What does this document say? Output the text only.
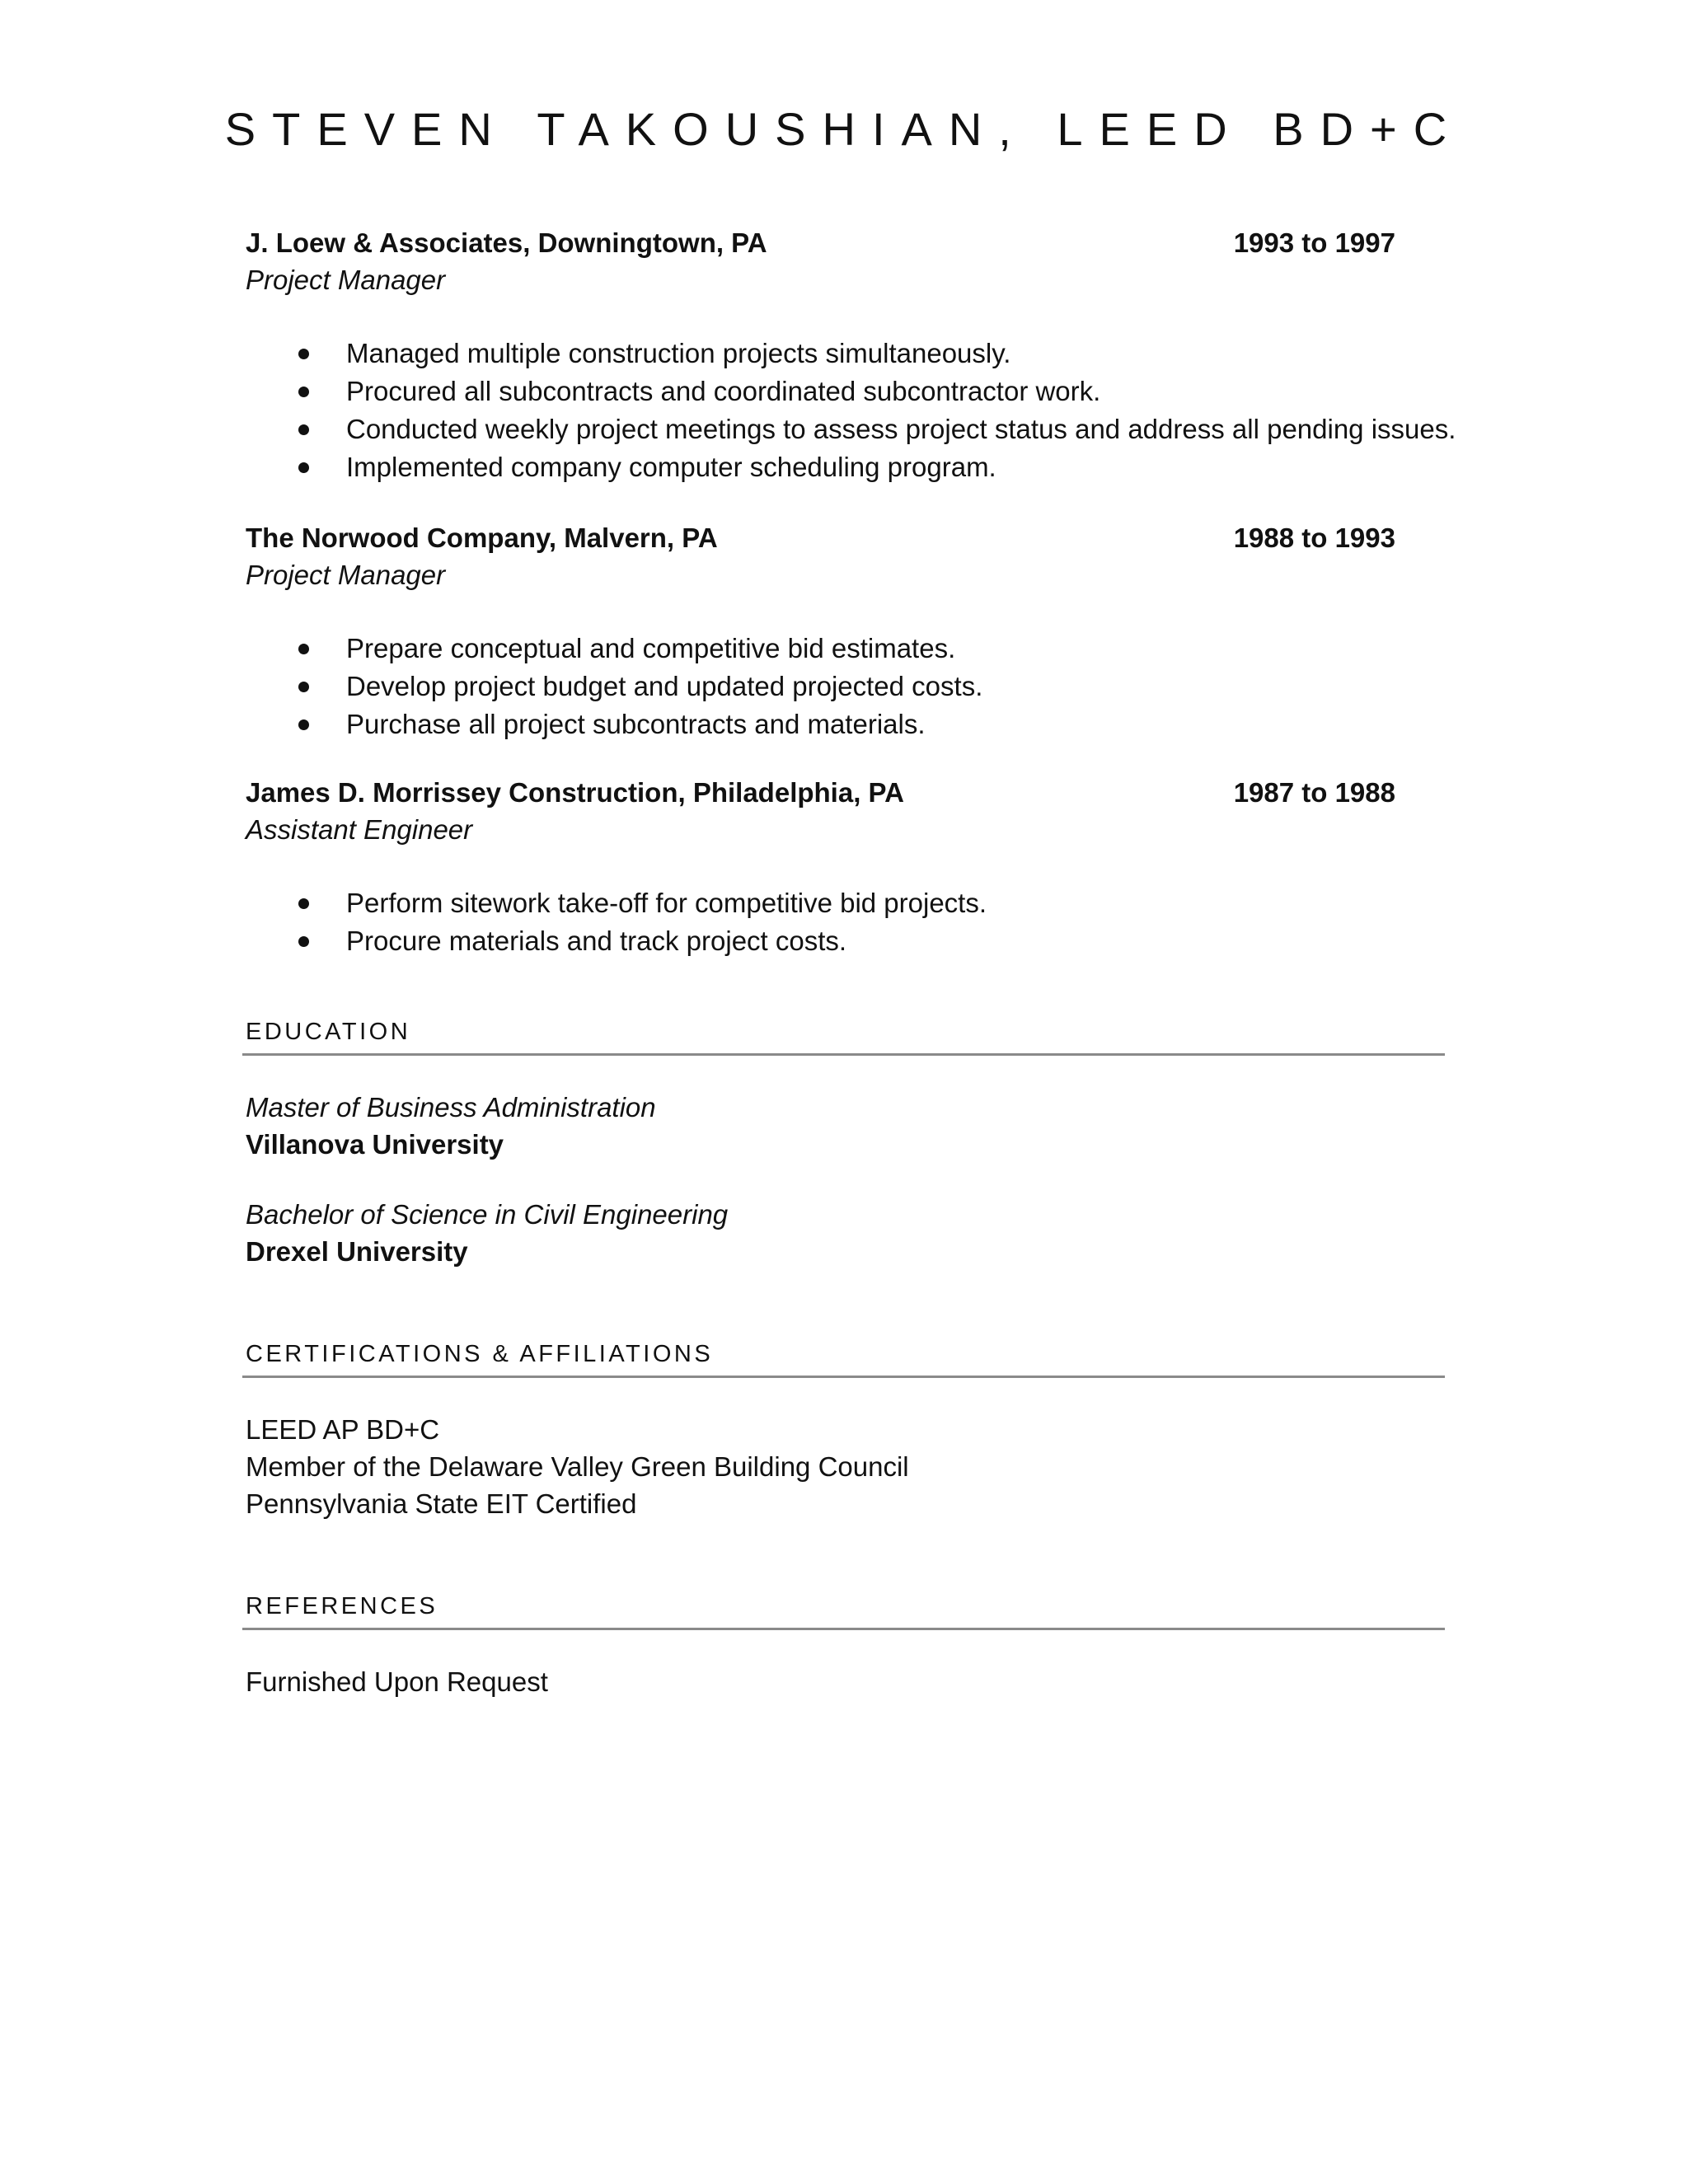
STEVEN TAKOUSHIAN, LEED BD+C
J. Loew & Associates, Downingtown, PA	1993 to 1997
Project Manager
Managed multiple construction projects simultaneously.
Procured all subcontracts and coordinated subcontractor work.
Conducted weekly project meetings to assess project status and address all pending issues.
Implemented company computer scheduling program.
The Norwood Company, Malvern, PA	1988 to 1993
Project Manager
Prepare conceptual and competitive bid estimates.
Develop project budget and updated projected costs.
Purchase all project subcontracts and materials.
James D. Morrissey Construction, Philadelphia, PA	1987 to 1988
Assistant Engineer
Perform sitework take-off for competitive bid projects.
Procure materials and track project costs.
EDUCATION
Master of Business Administration
Villanova University
Bachelor of Science in Civil Engineering
Drexel University
CERTIFICATIONS & AFFILIATIONS
LEED AP BD+C
Member of the Delaware Valley Green Building Council
Pennsylvania State EIT Certified
REFERENCES
Furnished Upon Request
